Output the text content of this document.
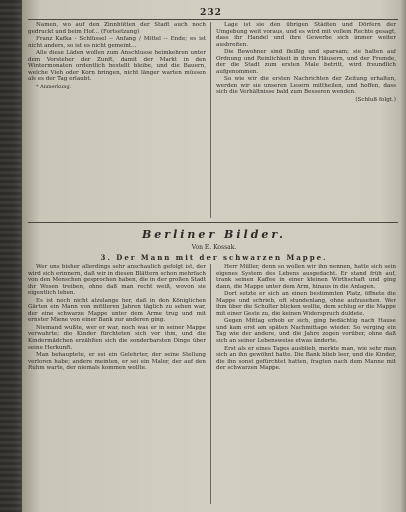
232

Namen, wo auf den Zinnhütten der Stadt auch noch gedruckt und beim Hof... (Fortsetzung)

Franz Kafka - Schlüssel -- Anfang / Mittel -- Ende; es ist nicht anders, so ist es nicht gemeint...

Alle diese Läden wollen zum Anschlusse heimkehren unter dem Vorsteher der Zunft, damit der Markt in den Wintermonaten ordentlich bestellt bleibe, und die Bauern, welche Vieh oder Korn bringen, nicht länger warten müssen als es der Tag erlaubt.

* Anmerkung.

Lage ist sie den übrigen Städten und Dörfern der Umgebung weit voraus, und es wird mit vollem Rechte gesagt, dass ihr Handel und ihre Gewerbe sich immer weiter ausbreiten.

Die Bewohner sind fleißig und sparsam; sie halten auf Ordnung und Reinlichkeit in ihren Häusern, und der Fremde, der die Stadt zum ersten Male betritt, wird freundlich aufgenommen.

So wie wir die ersten Nachrichten der Zeitung erhalten, werden wir sie unseren Lesern mittheilen, und hoffen, dass sich die Verhältnisse bald zum Besseren wenden.

(Schluß folgt.)

Berliner Bilder.
Von E. Kossak.
3. Der Mann mit der schwarzen Mappe.

Wer uns bisher allerdings sehr anschaulich gefolgt ist, der wird sich erinnern, daß wir in diesen Blättern schon mehrfach von den Menschen gesprochen haben, die in der großen Stadt ihr Wesen treiben, ohne daß man recht weiß, wovon sie eigentlich leben.

Es ist noch nicht alzulange her, daß in den Königlichen Gärten ein Mann von mittleren Jahren täglich zu sehen war, der eine schwarze Mappe unter dem Arme trug und mit ernster Miene von einer Bank zur anderen ging.

Niemand wußte, wer er war, noch was er in seiner Mappe verwahrte; die Kinder fürchteten sich vor ihm, und die Kindermädchen erzählten sich die sonderbarsten Dinge über seine Herkunft.

Man behauptete, er sei ein Gelehrter, der seine Stellung verloren habe; andere meinten, er sei ein Maler, der auf den Ruhm warte, der niemals kommen wollte.

Herr Müller, denn so wollen wir ihn nennen, hatte sich sein eigenes System des Lebens ausgedacht. Er stand früh auf, trank seinen Kaffee in einer kleinen Wirthschaft und ging dann, die Mappe unter dem Arm, hinaus in die Anlagen.

Dort setzte er sich an einen bestimmten Platz, öffnete die Mappe und schrieb, oft stundenlang, ohne aufzusehen. Wer ihm über die Schulter blicken wollte, dem schlug er die Mappe mit einer Geste zu, die keinen Widerspruch duldete.

Gegen Mittag erhob er sich, ging bedächtig nach Hause und kam erst am späten Nachmittage wieder. So verging ein Tag wie der andere, und die Jahre zogen vorüber, ohne daß sich an seiner Lebensweise etwas änderte.

Erst als er eines Tages ausblieb, merkte man, wie sehr man sich an ihn gewöhnt hatte. Die Bank blieb leer, und die Kinder, die ihn sonst gefürchtet hatten, fragten nach dem Manne mit der schwarzen Mappe.
